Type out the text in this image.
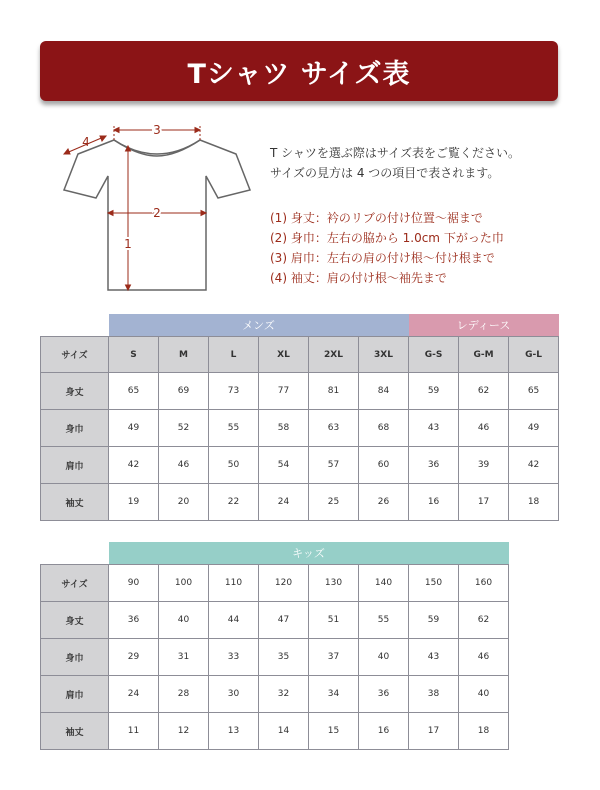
Tシャツ サイズ表
3
4
2
1
T シャツを選ぶ際はサイズ表をご覧ください。
サイズの見方は 4 つの項目で表されます。
(1) 身丈：衿のリブの付け位置～裾まで
(2) 身巾：左右の脇から 1.0cm 下がった巾
(3) 肩巾：左右の肩の付け根～付け根まで
(4) 袖丈：肩の付け根～袖先まで
	メンズ						レディース		
サイズ	S	M	L	XL	2XL	3XL	G-S	G-M	G-L
身丈	65	69	73	77	81	84	59	62	65
身巾	49	52	55	58	63	68	43	46	49
肩巾	42	46	50	54	57	60	36	39	42
袖丈	19	20	22	24	25	26	16	17	18
	キッズ							
サイズ	90	100	110	120	130	140	150	160
身丈	36	40	44	47	51	55	59	62
身巾	29	31	33	35	37	40	43	46
肩巾	24	28	30	32	34	36	38	40
袖丈	11	12	13	14	15	16	17	18
